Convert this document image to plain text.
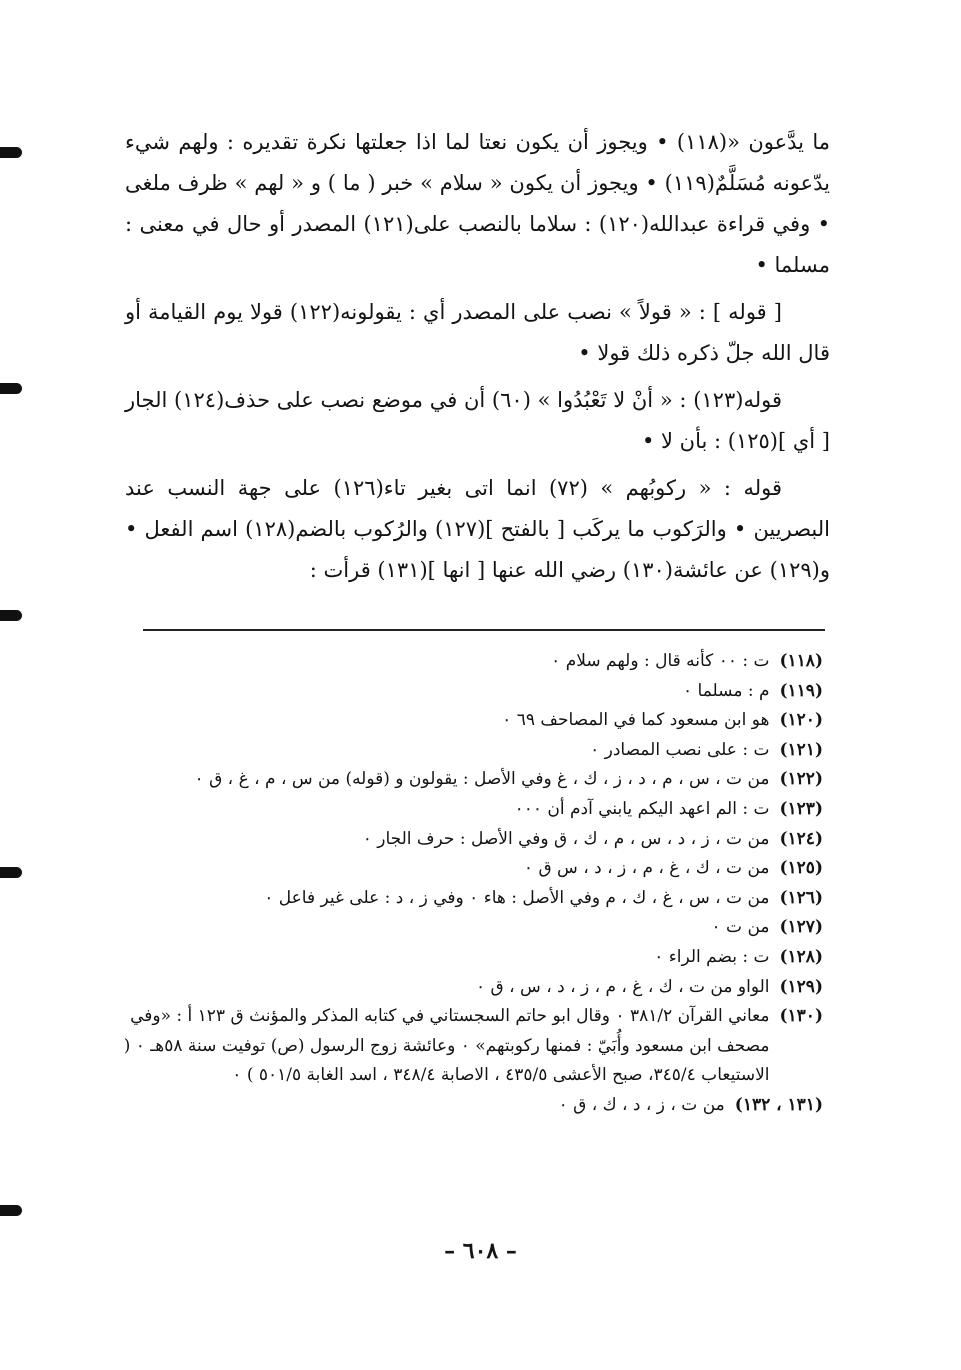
ما يدَّعون «(١١٨) • ويجوز أن يكون نعتا لما اذا جعلتها نكرة تقديره : ولهم شيء يدّعونه مُسَلَّمٌ(١١٩) • ويجوز أن يكون « سلام » خبر ( ما ) و « لهم » ظرف ملغى • وفي قراءة عبدالله(١٢٠) : سلاما بالنصب على(١٢١) المصدر أو حال في معنى : مسلما •

[ قوله ] : « قولاً » نصب على المصدر أي : يقولونه(١٢٢) قولا يوم القيامة أو قال الله جلّ ذكره ذلك قولا •

قوله(١٢٣) : « أنْ لا تَعْبُدُوا » (٦٠) أن في موضع نصب على حذف(١٢٤) الجار [ أي ](١٢٥) : بأن لا •

قوله : « ركوبُهم » (٧٢) انما اتى بغير تاء(١٢٦) على جهة النسب عند البصريين • والرَكوب ما يركَب [ بالفتح ](١٢٧) والرُكوب بالضم(١٢٨) اسم الفعل • و(١٢٩) عن عائشة(١٣٠) رضي الله عنها [ انها ](١٣١) قرأت :

(١١٨)
ت : ٠٠ كأنه قال : ولهم سلام ٠

(١١٩)
م : مسلما ٠

(١٢٠)
هو ابن مسعود كما في المصاحف ٦٩ ٠

(١٢١)
ت : على نصب المصادر ٠

(١٢٢)
من ت ، س ، م ، د ، ز ، ك ، غ وفي الأصل : يقولون و (قوله) من س ، م ، غ ، ق ٠

(١٢٣)
ت : الم اعهد اليكم يابني آدم أن ٠٠٠

(١٢٤)
من ت ، ز ، د ، س ، م ، ك ، ق وفي الأصل : حرف الجار ٠

(١٢٥)
من ت ، ك ، غ ، م ، ز ، د ، س ق ٠

(١٢٦)
من ت ، س ، غ ، ك ، م وفي الأصل : هاء ٠ وفي ز ، د : على غير فاعل ٠

(١٢٧)
من ت ٠

(١٢٨)
ت : بضم الراء ٠

(١٢٩)
الواو من ت ، ك ، غ ، م ، ز ، د ، س ، ق ٠

(١٣٠)
معاني القرآن ٣٨١/٢ ٠ وقال ابو حاتم السجستاني في كتابه المذكر والمؤنث ق ١٢٣ أ : «وفي مصحف ابن مسعود وأُبَيّ : فمنها ركوبتهم» ٠ وعائشة زوج الرسول (ص) توفيت سنة ٥٨هـ ٠ ( الاستيعاب ٣٤٥/٤، صبح الأعشى ٤٣٥/٥ ، الاصابة ٣٤٨/٤ ، اسد الغابة ٥٠١/٥ ) ٠

(١٣١ ، ١٣٢)
من ت ، ز ، د ، ك ، ق ٠

– ٦٠٨ –
